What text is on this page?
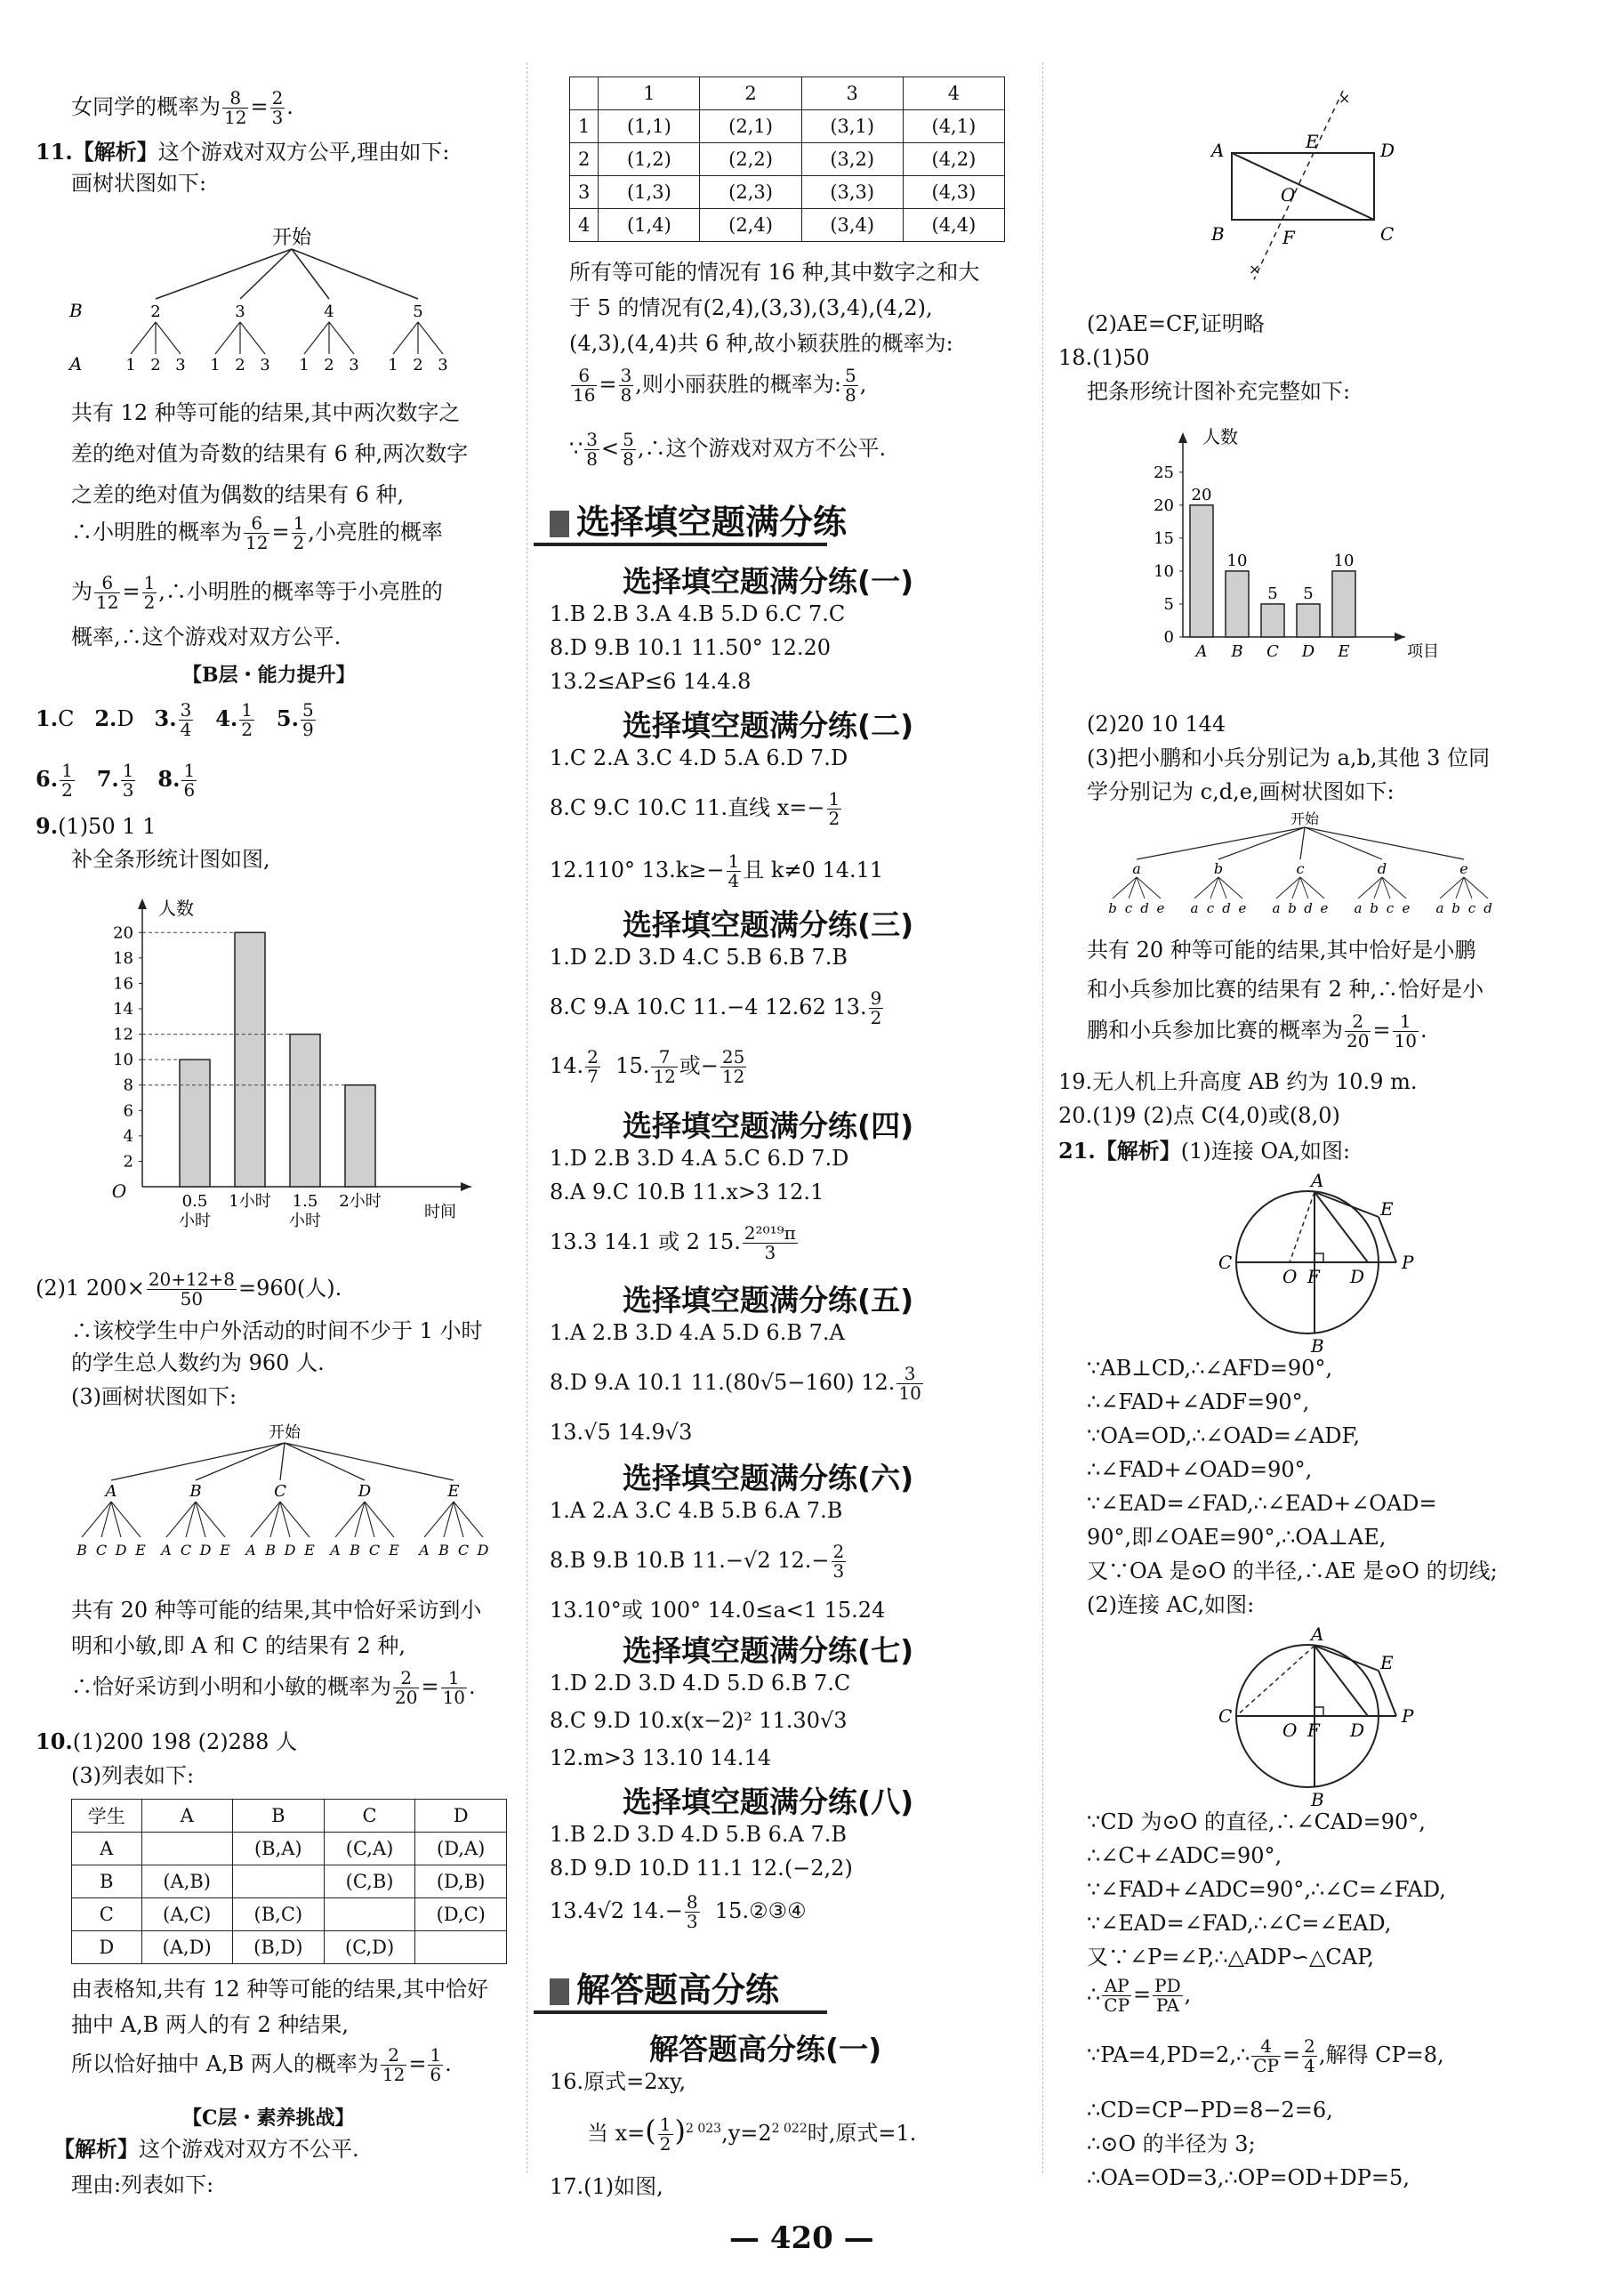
女同学的概率为 $\frac{8}{12} = \frac{2}{3}$ .
11.【解析】这个游戏对双方公平,理由如下:
画树状图如下:
开始
B
A
2
1 2 3
3
1 2 3
4
1 2 3
5
1 2 3
共有 12 种等可能的结果,其中两次数字之
差的绝对值为奇数的结果有 6 种,两次数字
之差的绝对值为偶数的结果有 6 种,
∴小明胜的概率为 $\frac{6}{12} = \frac{1}{2}$ ,小亮胜的概率
为 $\frac{6}{12} = \frac{1}{2}$ ,∴小明胜的概率等于小亮胜的
概率,∴这个游戏对双方公平.
【B层・能力提升】
1.C 2.D 3. $\frac{3}{4} 4$. $\frac{1}{2} 5$. $\frac{5}{9}$
6. $\frac{1}{2} 7$. $\frac{1}{3} 8$. $\frac{1}{6}$
9.(1)50 1 1
补全条形统计图如图,
人数
O
2
4
6
8
10
12
14
16
18
20
0.5
小时
1小时 1.5
小时
2小时
时间
(2)1 $200\times \frac{20+12+8}{50} =960$(人).
∴该校学生中户外活动的时间不少于 1 小时
的学生总人数约为 960 人.
(3)画树状图如下:
开始
A
B C D E
B
A C D E
C
A B D E
D
A B C E
E
A B C D
共有 20 种等可能的结果,其中恰好采访到小
明和小敏,即 A 和 C 的结果有 2 种,
∴恰好采访到小明和小敏的概率为 $\frac{2}{20} = \frac{1}{10}$ .
10.(1)200 198 (2)288 人
(3)列表如下:
学生	A	B	C	D
A		(B,A)	(C,A)	(D,A)
B	(A,B)		(C,B)	(D,B)
C	(A,C)	(B,C)		(D,C)
D	(A,D)	(B,D)	(C,D)	
由表格知,共有 12 种等可能的结果,其中恰好
抽中 A,B 两人的有 2 种结果,
所以恰好抽中 A,B 两人的概率为 $\frac{2}{12} = \frac{1}{6}$ .
【C层・素养挑战】
【解析】这个游戏对双方不公平.
理由:列表如下:
	1	2	3	4
1	(1,1)	(2,1)	(3,1)	(4,1)
2	(1,2)	(2,2)	(3,2)	(4,2)
3	(1,3)	(2,3)	(3,3)	(4,3)
4	(1,4)	(2,4)	(3,4)	(4,4)
所有等可能的情况有 16 种,其中数字之和大
于 5 的情况有(2,4),(3,3),(3,4),(4,2),
(4,3),(4,4)共 6 种,故小颖获胜的概率为:
$\frac{6}{16} = \frac{3}{8}$ ,则小丽获胜的概率为: $\frac{5}{8}$ ,
∵ $\frac{3}{8} < \frac{5}{8}$ ,∴这个游戏对双方不公平.
选择填空题满分练
选择填空题满分练(一)
1.B 2.B 3.A 4.B 5.D 6.C 7.C
8.D 9.B 10.1 11.50° 12.20
13.2≤AP≤6 14.4.8
选择填空题满分练(二)
1.C 2.A 3.C 4.D 5.A 6.D 7.D
8.C 9.C 10.C 11.直线 $x=- \frac{1}{2}$
12.110° $13.k\ge- \frac{1}{4}$ 且 k≠0 14.11
选择填空题满分练(三)
1.D 2.D 3.D 4.C 5.B 6.B 7.B
8.C 9.A 10.C 11.−4 12.62 13. $\frac{9}{2}$
14. $\frac{2}{7} 15$. $\frac{7}{12}$ 或− $\frac{25}{12}$
选择填空题满分练(四)
1.D 2.B 3.D 4.A 5.C 6.D 7.D
8.A 9.C 10.B 11.x>3 12.1
13.3 14.1 或 2 15. $\frac{\text{2²⁰¹⁹π}}{3}$
选择填空题满分练(五)
1.A 2.B 3.D 4.A 5.D 6.B 7.A
8.D 9.A 10.1 11.(80√5−160) 12. $\frac{3}{10}$
13.√5 14.9√3
选择填空题满分练(六)
1.A 2.A 3.C 4.B 5.B 6.A 7.B
8.B 9.B 10.B 11.−√2 $12.- \frac{2}{3}$
13.10°或 100° 14.0≤a<1 15.24
选择填空题满分练(七)
1.D 2.D 3.D 4.D 5.D 6.B 7.C
8.C 9.D 10.x(x−2)² 11.30√3
12.m>3 13.10 14.14
选择填空题满分练(八)
1.B 2.D 3.D 4.D 5.B 6.A 7.B
8.D 9.D 10.D 11.1 12.(−2,2)
13.4√2 $14.- \frac{8}{3}$ 15.②③④
解答题高分练
解答题高分练(一)
16.原式=2xy,
当 $x=( \frac{1}{2} )^{2 023},y=2^{2 022}$时,原式=1.
17.(1)如图,
×
×
A	E	D
O
B	F	C
(2)AE=CF,证明略
18.(1)50
把条形统计图补充完整如下:
人数
0
5
10
15
20
25
20
A
10
B
5
C
5
D
10
E	项目
(2)20 10 144
(3)把小鹏和小兵分别记为 a,b,其他 3 位同
学分别记为 c,d,e,画树状图如下:
开始
a
b c d e
b
a c d e
c
a b d e
d
a b c e
e
a b c d
共有 20 种等可能的结果,其中恰好是小鹏
和小兵参加比赛的结果有 2 种,∴恰好是小
鹏和小兵参加比赛的概率为 $\frac{2}{20} = \frac{1}{10}$ .
19.无人机上升高度 AB 约为 10.9 m.
20.(1)9 (2)点 C(4,0)或(8,0)
21.【解析】(1)连接 OA,如图:
A
E
C
O F D
P
B
∵AB⊥CD,∴∠AFD=90°,
∴∠FAD+∠ADF=90°,
∵OA=OD,∴∠OAD=∠ADF,
∴∠FAD+∠OAD=90°,
∵∠EAD=∠FAD,∴∠EAD+∠OAD=
90°,即∠OAE=90°,∴OA⊥AE,
又∵OA 是⊙O 的半径,∴AE 是⊙O 的切线;
(2)连接 AC,如图:
A
E
C
O F D
P
B
∵CD 为⊙O 的直径,∴∠CAD=90°,
∴∠C+∠ADC=90°,
∵∠FAD+∠ADC=90°,∴∠C=∠FAD,
∵∠EAD=∠FAD,∴∠C=∠EAD,
又∵∠P=∠P,∴△ADP∽△CAP,
∴ $\frac{AP}{CP} = \frac{PD}{PA}$ ,
∵PA=4,PD=2,∴ $\frac{4}{CP} = \frac{2}{4}$ ,解得 CP=8,
∴CD=CP−PD=8−2=6,
∴⊙O 的半径为 3;
∴OA=OD=3,∴OP=OD+DP=5,
— 420 —
